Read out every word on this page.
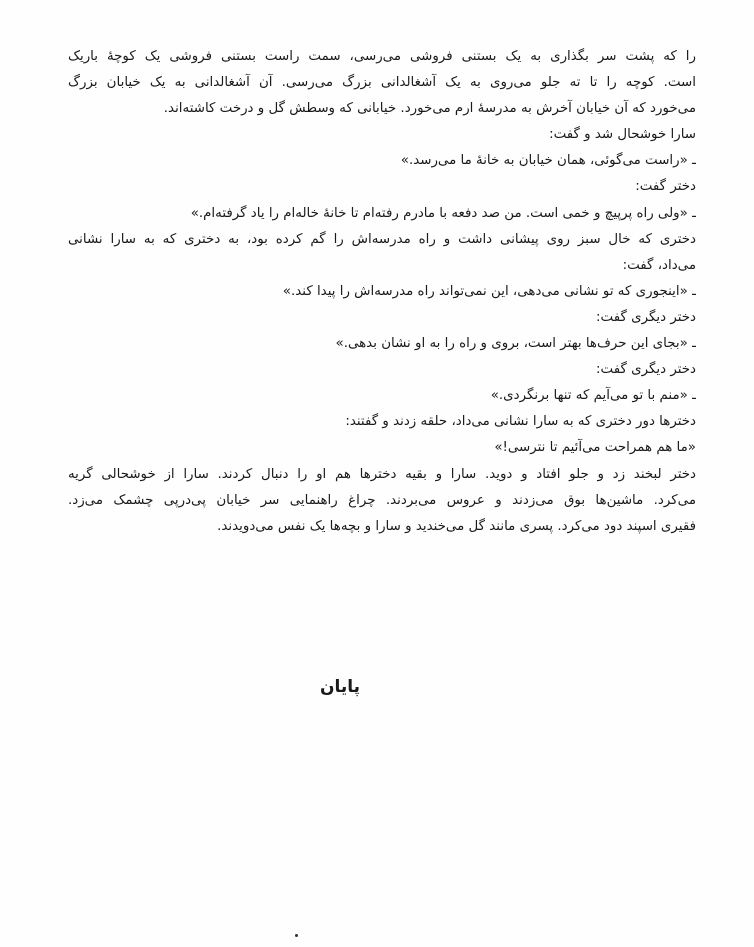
را که پشت سر بگذاری به یک بستنی فروشی می‌رسی، سمت راست بستنی فروشی یک کوچهٔ باریک
است. کوچه را تا ته جلو می‌روی به یک آشغالدانی بزرگ می‌رسی. آن آشغالدانی به یک خیابان بزرگ
می‌خورد که آن خیابان آخرش به مدرسهٔ ارم می‌خورد. خیابانی که وسطش گل و درخت کاشته‌اند.
سارا خوشحال شد و گفت:
ـ «راست می‌گوئی، همان خیابان به خانهٔ ما می‌رسد.»
دختر گفت:
ـ «ولی راه پرپیچ و خمی است. من صد دفعه با مادرم رفته‌ام تا خانهٔ خاله‌ام را یاد گرفته‌ام.»
دختری که خال سبز روی پیشانی داشت و راه مدرسه‌اش را گم کرده بود، به دختری که به سارا نشانی
می‌داد، گفت:
ـ «اینجوری که تو نشانی می‌دهی، این نمی‌تواند راه مدرسه‌اش را پیدا کند.»
دختر دیگری گفت:
ـ «بجای این حرف‌ها بهتر است، بروی و راه را به او نشان بدهی.»
دختر دیگری گفت:
ـ «منم با تو می‌آیم که تنها برنگردی.»
دخترها دور دختری که به سارا نشانی می‌داد، حلقه زدند و گفتند:
«ما هم همراحت می‌آئیم تا نترسی!»
دختر لبخند زد و جلو افتاد و دوید. سارا و بقیه دخترها هم او را دنبال کردند. سارا از خوشحالی گریه
می‌کرد. ماشین‌ها بوق می‌زدند و عروس می‌بردند. چراغ راهنمایی سر خیابان پی‌درپی چشمک می‌زد.
فقیری اسپند دود می‌کرد. پسری مانند گل می‌خندید و سارا و بچه‌ها یک نفس می‌دویدند.
پایان
